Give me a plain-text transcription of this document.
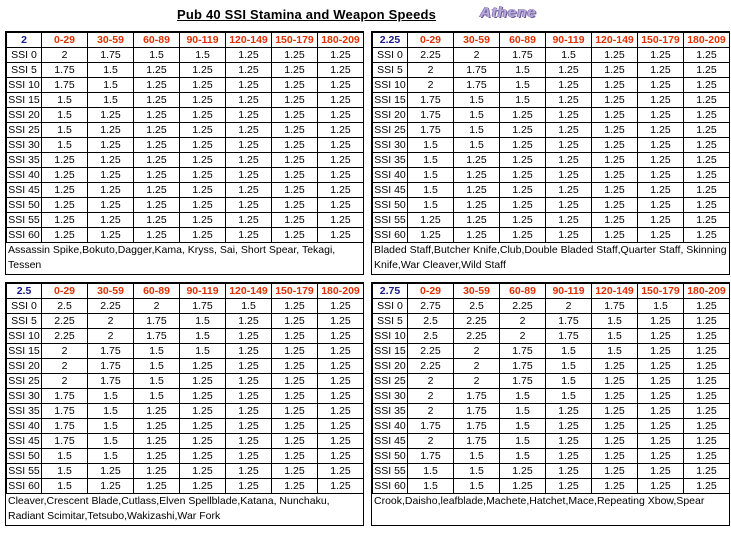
Pub 40 SSI Stamina and Weapon Speeds	Athene
2	0-29	30-59	60-89	90-119	120-149	150-179	180-209
SSI 0	2	1.75	1.5	1.5	1.25	1.25	1.25
SSI 5	1.75	1.5	1.25	1.25	1.25	1.25	1.25
SSI 10	1.75	1.5	1.25	1.25	1.25	1.25	1.25
SSI 15	1.5	1.5	1.25	1.25	1.25	1.25	1.25
SSI 20	1.5	1.25	1.25	1.25	1.25	1.25	1.25
SSI 25	1.5	1.25	1.25	1.25	1.25	1.25	1.25
SSI 30	1.5	1.25	1.25	1.25	1.25	1.25	1.25
SSI 35	1.25	1.25	1.25	1.25	1.25	1.25	1.25
SSI 40	1.25	1.25	1.25	1.25	1.25	1.25	1.25
SSI 45	1.25	1.25	1.25	1.25	1.25	1.25	1.25
SSI 50	1.25	1.25	1.25	1.25	1.25	1.25	1.25
SSI 55	1.25	1.25	1.25	1.25	1.25	1.25	1.25
SSI 60	1.25	1.25	1.25	1.25	1.25	1.25	1.25
Assassin Spike,Bokuto,Dagger,Kama, Kryss, Sai, Short Spear, Tekagi, Tessen
2.25	0-29	30-59	60-89	90-119	120-149	150-179	180-209
SSI 0	2.25	2	1.75	1.5	1.25	1.25	1.25
SSI 5	2	1.75	1.5	1.25	1.25	1.25	1.25
SSI 10	2	1.75	1.5	1.25	1.25	1.25	1.25
SSI 15	1.75	1.5	1.5	1.25	1.25	1.25	1.25
SSI 20	1.75	1.5	1.25	1.25	1.25	1.25	1.25
SSI 25	1.75	1.5	1.25	1.25	1.25	1.25	1.25
SSI 30	1.5	1.5	1.25	1.25	1.25	1.25	1.25
SSI 35	1.5	1.25	1.25	1.25	1.25	1.25	1.25
SSI 40	1.5	1.25	1.25	1.25	1.25	1.25	1.25
SSI 45	1.5	1.25	1.25	1.25	1.25	1.25	1.25
SSI 50	1.5	1.25	1.25	1.25	1.25	1.25	1.25
SSI 55	1.25	1.25	1.25	1.25	1.25	1.25	1.25
SSI 60	1.25	1.25	1.25	1.25	1.25	1.25	1.25
Bladed Staff,Butcher Knife,Club,Double Bladed Staff,Quarter Staff, Skinning Knife,War Cleaver,Wild Staff
2.5	0-29	30-59	60-89	90-119	120-149	150-179	180-209
SSI 0	2.5	2.25	2	1.75	1.5	1.25	1.25
SSI 5	2.25	2	1.75	1.5	1.25	1.25	1.25
SSI 10	2.25	2	1.75	1.5	1.25	1.25	1.25
SSI 15	2	1.75	1.5	1.5	1.25	1.25	1.25
SSI 20	2	1.75	1.5	1.25	1.25	1.25	1.25
SSI 25	2	1.75	1.5	1.25	1.25	1.25	1.25
SSI 30	1.75	1.5	1.5	1.25	1.25	1.25	1.25
SSI 35	1.75	1.5	1.25	1.25	1.25	1.25	1.25
SSI 40	1.75	1.5	1.25	1.25	1.25	1.25	1.25
SSI 45	1.75	1.5	1.25	1.25	1.25	1.25	1.25
SSI 50	1.5	1.5	1.25	1.25	1.25	1.25	1.25
SSI 55	1.5	1.25	1.25	1.25	1.25	1.25	1.25
SSI 60	1.5	1.25	1.25	1.25	1.25	1.25	1.25
Cleaver,Crescent Blade,Cutlass,Elven Spellblade,Katana, Nunchaku, Radiant Scimitar,Tetsubo,Wakizashi,War Fork
2.75	0-29	30-59	60-89	90-119	120-149	150-179	180-209
SSI 0	2.75	2.5	2.25	2	1.75	1.5	1.25
SSI 5	2.5	2.25	2	1.75	1.5	1.25	1.25
SSI 10	2.5	2.25	2	1.75	1.5	1.25	1.25
SSI 15	2.25	2	1.75	1.5	1.5	1.25	1.25
SSI 20	2.25	2	1.75	1.5	1.25	1.25	1.25
SSI 25	2	2	1.75	1.5	1.25	1.25	1.25
SSI 30	2	1.75	1.5	1.5	1.25	1.25	1.25
SSI 35	2	1.75	1.5	1.25	1.25	1.25	1.25
SSI 40	1.75	1.75	1.5	1.25	1.25	1.25	1.25
SSI 45	2	1.75	1.5	1.25	1.25	1.25	1.25
SSI 50	1.75	1.5	1.5	1.25	1.25	1.25	1.25
SSI 55	1.5	1.5	1.25	1.25	1.25	1.25	1.25
SSI 60	1.5	1.5	1.25	1.25	1.25	1.25	1.25
Crook,Daisho,leafblade,Machete,Hatchet,Mace,Repeating Xbow,Spear
